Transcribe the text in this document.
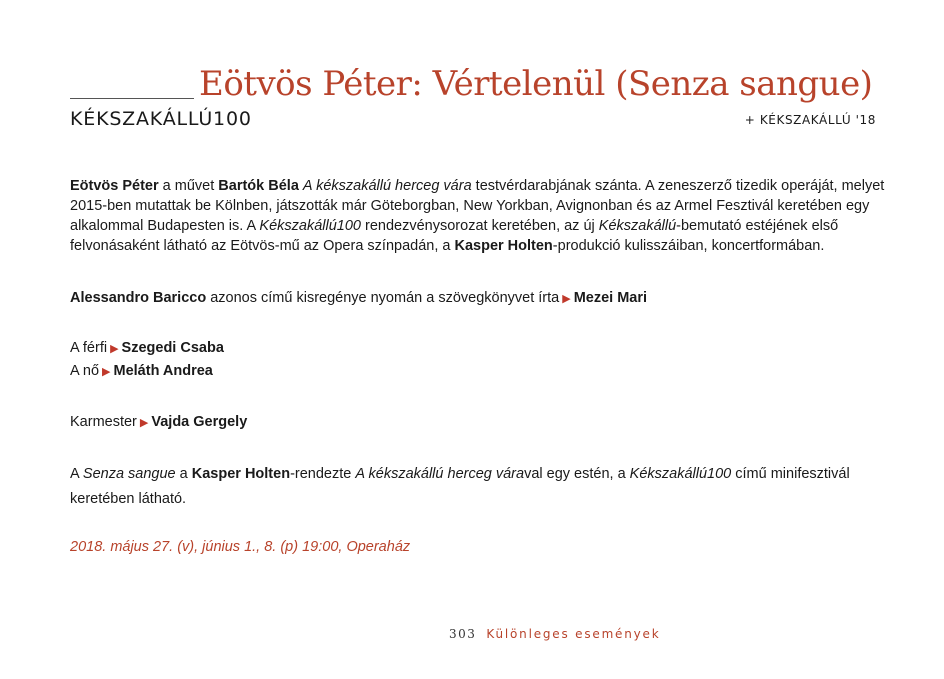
Eötvös Péter: Vértelenül (Senza sangue)
KÉKSZAKÁLLÚ100	+ KÉKSZAKÁLLÚ '18
Eötvös Péter a művet Bartók Béla A kékszakállú herceg vára testvérdarabjának szánta. A zeneszerző tizedik operáját, melyet 2015-ben mutattak be Kölnben, játszották már Göteborgban, New Yorkban, Avignonban és az Armel Fesztivál keretében egy alkalommal Budapesten is. A Kékszakállú100 rendezvénysorozat keretében, az új Kékszakállú-bemutató estéjének első felvonásaként látható az Eötvös-mű az Opera színpadán, a Kasper Holten-produkció kulisszáiban, koncertformában.
Alessandro Baricco azonos című kisregénye nyomán a szövegkönyvet írta ▶ Mezei Mari
A férfi ▶ Szegedi Csaba
A nő ▶ Meláth Andrea
Karmester ▶ Vajda Gergely
A Senza sangue a Kasper Holten-rendezte A kékszakállú herceg váraval egy estén, a Kékszakállú100 című minifesztivál keretében látható.
2018. május 27. (v), június 1., 8. (p) 19:00, Operaház
303 Különleges események
